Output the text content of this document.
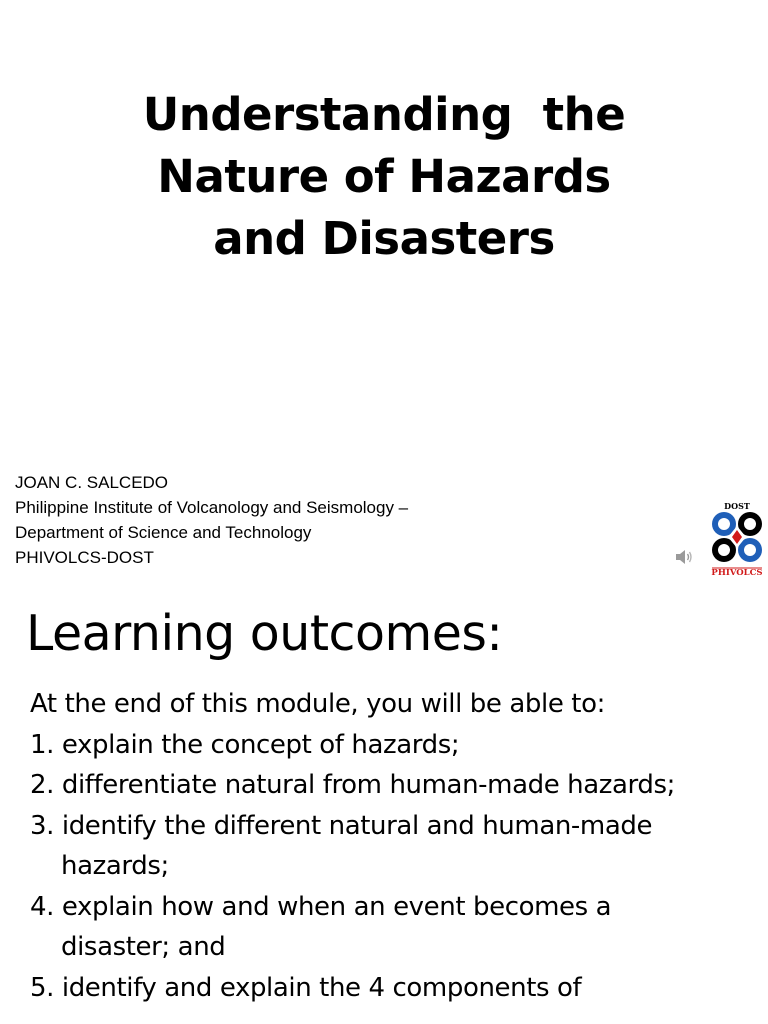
Understanding  the
Nature of Hazards
and Disasters
JOAN C. SALCEDO
Philippine Institute of Volcanology and Seismology –
Department of Science and Technology
PHIVOLCS-DOST
DOST
PHIVOLCS
Learning outcomes:
At the end of this module, you will be able to:
1. explain the concept of hazards;
2. differentiate natural from human-made hazards;
3. identify the different natural and human-made
hazards;
4. explain how and when an event becomes a
disaster; and
5. identify and explain the 4 components of
